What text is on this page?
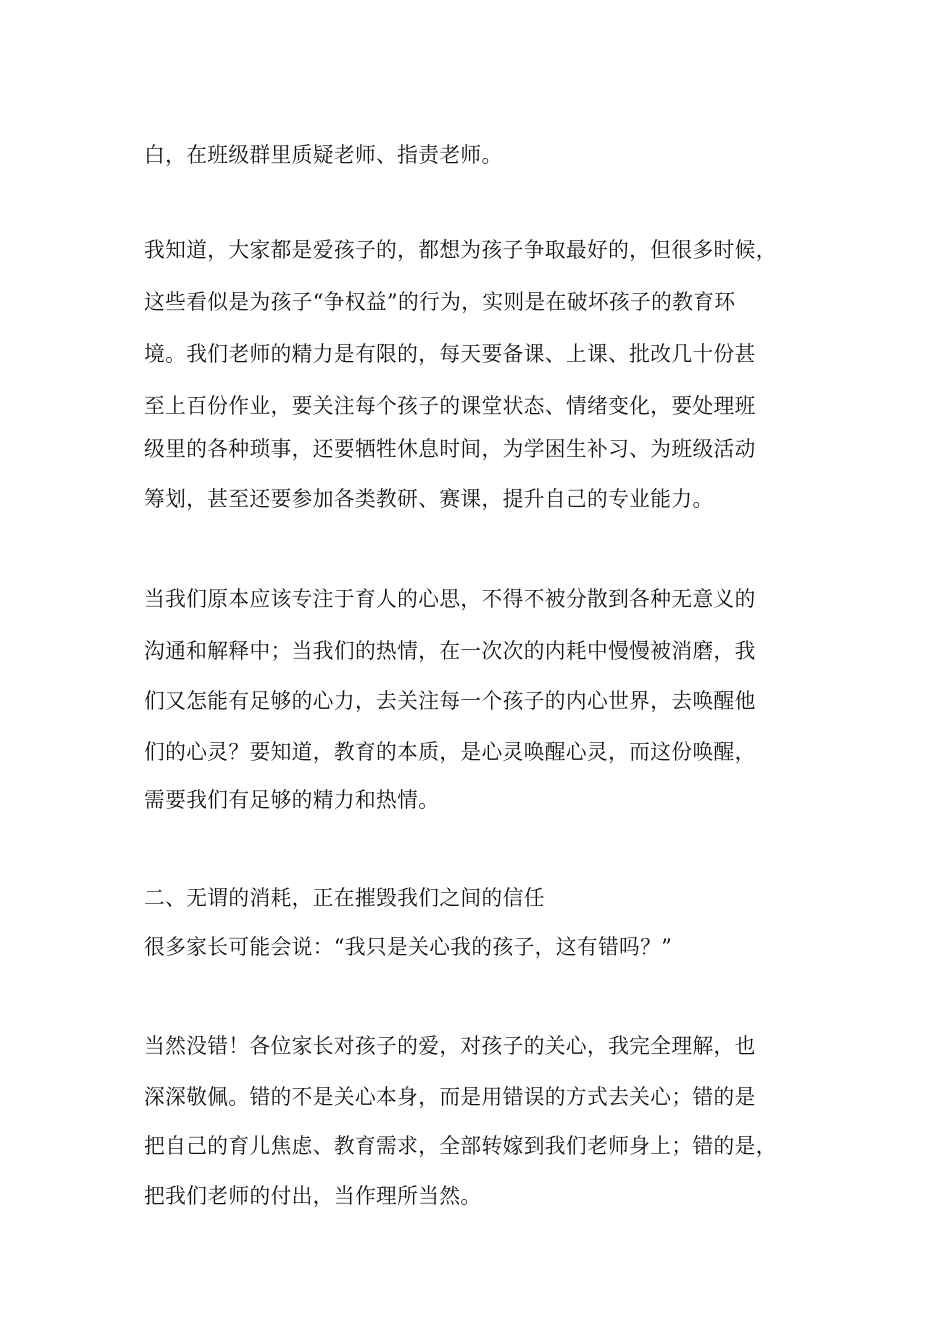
白，在班级群里质疑老师、指责老师。
我知道，大家都是爱孩子的，都想为孩子争取最好的，但很多时候，
这些看似是为孩子“争权益”的行为，实则是在破坏孩子的教育环
境。我们老师的精力是有限的，每天要备课、上课、批改几十份甚
至上百份作业，要关注每个孩子的课堂状态、情绪变化，要处理班
级里的各种琐事，还要牺牲休息时间，为学困生补习、为班级活动
筹划，甚至还要参加各类教研、赛课，提升自己的专业能力。
当我们原本应该专注于育人的心思，不得不被分散到各种无意义的
沟通和解释中；当我们的热情，在一次次的内耗中慢慢被消磨，我
们又怎能有足够的心力，去关注每一个孩子的内心世界，去唤醒他
们的心灵？要知道，教育的本质，是心灵唤醒心灵，而这份唤醒，
需要我们有足够的精力和热情。
二、无谓的消耗，正在摧毁我们之间的信任
很多家长可能会说：“我只是关心我的孩子，这有错吗？”
当然没错！各位家长对孩子的爱，对孩子的关心，我完全理解，也
深深敬佩。错的不是关心本身，而是用错误的方式去关心；错的是
把自己的育儿焦虑、教育需求，全部转嫁到我们老师身上；错的是，
把我们老师的付出，当作理所当然。
